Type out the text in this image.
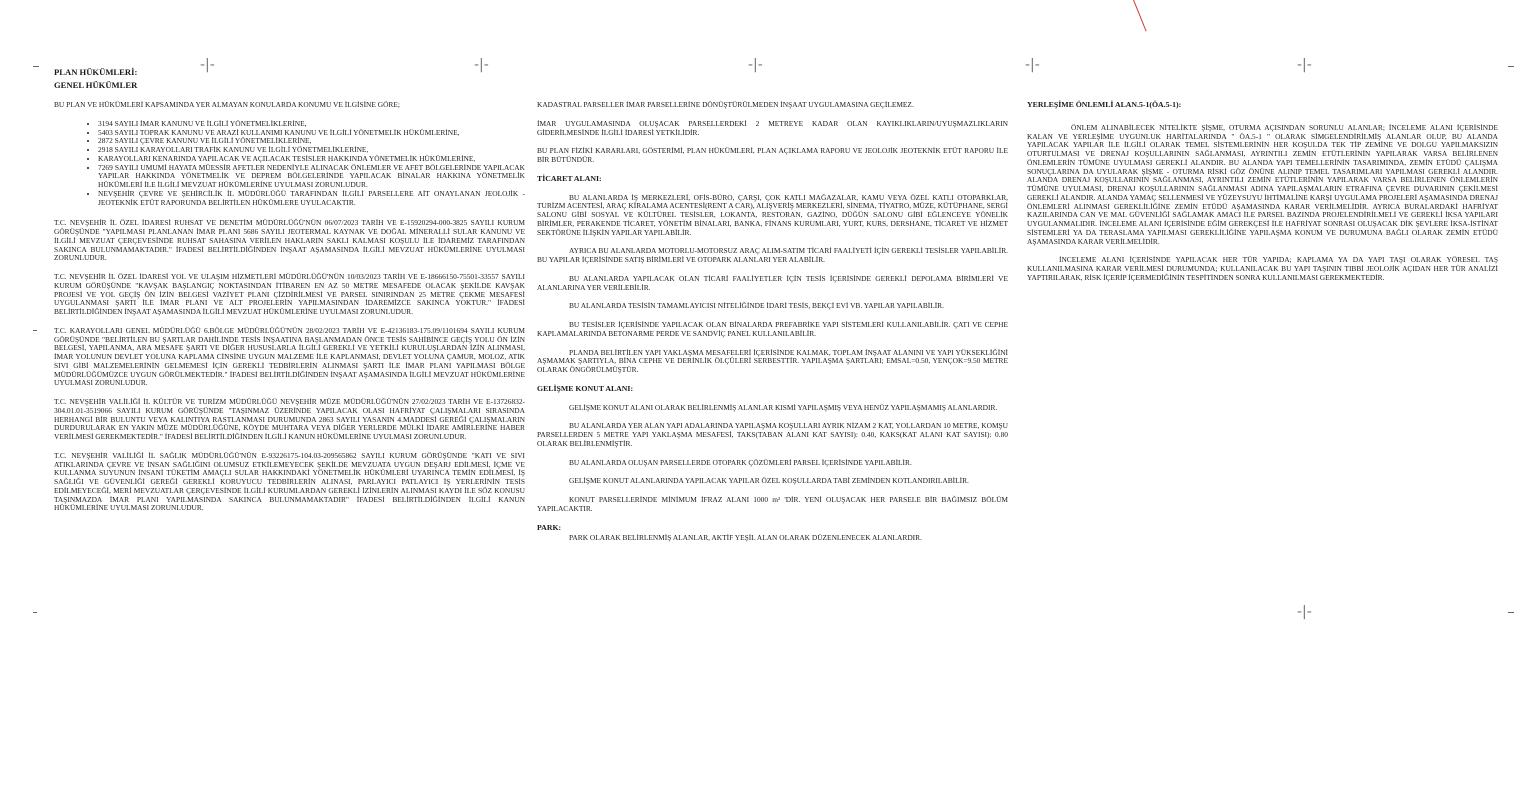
-|-	-|-	-|-	-|-	-|-
-|-
PLAN HÜKÜMLERİ:
GENEL HÜKÜMLER

BU PLAN VE HÜKÜMLERİ KAPSAMINDA YER ALMAYAN KONULARDA KONUMU VE İLGİSİNE GÖRE;

• 3194 SAYILI İMAR KANUNU VE İLGİLİ YÖNETMELİKLERİNE,
• 5403 SAYILI TOPRAK KANUNU VE ARAZİ KULLANIMI KANUNU VE İLGİLİ YÖNETMELİK HÜKÜMLERİNE,
• 2872 SAYILI ÇEVRE KANUNU VE İLGİLİ YÖNETMELİKLERİNE,
• 2918 SAYILI KARAYOLLARI TRAFİK KANUNU VE İLGİLİ YÖNETMELİKLERİNE,
• KARAYOLLARI KENARINDA YAPILACAK VE AÇILACAK TESİSLER HAKKINDA YÖNETMELİK HÜKÜMLERİNE,
• 7269 SAYILI UMUMİ HAYATA MÜESSİR AFETLER NEDENİYLE ALINACAK ÖNLEMLER VE AFET BÖLGELERİNDE YAPILACAK YAPILAR HAKKINDA YÖNETMELİK VE DEPREM BÖLGELERİNDE YAPILACAK BİNALAR HAKKINA YÖNETMELİK HÜKÜMLERİ İLE İLGİLİ MEVZUAT HÜKÜMLERİNE UYULMASI ZORUNLUDUR.
• NEVŞEHİR ÇEVRE VE ŞEHİRCİLİK İL MÜDÜRLÜĞÜ TARAFINDAN İLGİLİ PARSELLERE AİT ONAYLANAN JEOLOJİK - JEOTEKNİK ETÜT RAPORUNDA BELİRTİLEN HÜKÜMLERE UYULACAKTIR.

T.C. NEVŞEHİR İL ÖZEL İDARESİ RUHSAT VE DENETİM MÜDÜRLÜĞÜ'NÜN 06/07/2023 TARİH VE E-15920294-000-3825 SAYILI KURUM GÖRÜŞÜNDE "YAPILMASI PLANLANAN İMAR PLANI 5686 SAYILI JEOTERMAL KAYNAK VE DOĞAL MİNERALLİ SULAR KANUNU VE İLGİLİ MEVZUAT ÇERÇEVESİNDE RUHSAT SAHASINA VERİLEN HAKLARIN SAKLI KALMASI KOŞULU İLE İDAREMİZ TARAFINDAN SAKINCA BULUNMAMAKTADIR." İFADESİ BELİRTİLDİĞİNDEN İNŞAAT AŞAMASINDA İLGİLİ MEVZUAT HÜKÜMLERİNE UYULMASI ZORUNLUDUR.

T.C. NEVŞEHİR İL ÖZEL İDARESİ YOL VE ULAŞIM HİZMETLERİ MÜDÜRLÜĞÜ'NÜN 10/03/2023 TARİH VE E-18666150-75501-33557 SAYILI KURUM GÖRÜŞÜNDE "KAVŞAK BAŞLANGIÇ NOKTASINDAN İTİBAREN EN AZ 50 METRE MESAFEDE OLACAK ŞEKİLDE KAVŞAK PROJESİ VE YOL GEÇİŞ ÖN İZİN BELGESİ VAZİYET PLANI ÇİZDİRİLMESİ VE PARSEL SINIRINDAN 25 METRE ÇEKME MESAFESİ UYGULANMASI ŞARTI İLE İMAR PLANI VE ALT PROJELERİN YAPILMASINDAN İDAREMİZCE SAKINCA YOKTUR." İFADESİ BELİRTİLDİĞİNDEN İNŞAAT AŞAMASINDA İLGİLİ MEVZUAT HÜKÜMLERİNE UYULMASI ZORUNLUDUR.

T.C. KARAYOLLARI GENEL MÜDÜRLÜĞÜ 6.BÖLGE MÜDÜRLÜĞÜ'NÜN 28/02/2023 TARİH VE E-42136183-175.09/1101694 SAYILI KURUM GÖRÜŞÜNDE "BELİRTİLEN BU ŞARTLAR DAHİLİNDE TESİS İNŞAATINA BAŞLANMADAN ÖNCE TESİS SAHİBİNCE GEÇİŞ YOLU ÖN İZİN BELGESİ, YAPILANMA, ARA MESAFE ŞARTI VE DİĞER HUSUSLARLA İLGİLİ GEREKLİ VE YETKİLİ KURULUŞLARDAN İZİN ALINMASI, İMAR YOLUNUN DEVLET YOLUNA KAPLAMA CİNSİNE UYGUN MALZEME İLE KAPLANMASI, DEVLET YOLUNA ÇAMUR, MOLOZ, ATIK SIVI GİBİ MALZEMELERİNİN GELMEMESİ İÇİN GEREKLİ TEDBİRLERİN ALINMASI ŞARTI İLE İMAR PLANI YAPILMASI BÖLGE MÜDÜRLÜĞÜMÜZCE UYGUN GÖRÜLMEKTEDİR." İFADESİ BELİRTİLDİĞİNDEN İNŞAAT AŞAMASINDA İLGİLİ MEVZUAT HÜKÜMLERİNE UYULMASI ZORUNLUDUR.

T.C. NEVŞEHİR VALİLİĞİ İL KÜLTÜR VE TURİZM MÜDÜRLÜĞÜ NEVŞEHİR MÜZE MÜDÜRLÜĞÜ'NÜN 27/02/2023 TARİH VE E-13726832-304.01.01-3519066 SAYILI KURUM GÖRÜŞÜNDE "TAŞINMAZ ÜZERİNDE YAPILACAK OLASI HAFRİYAT ÇALIŞMALARI SIRASINDA HERHANGİ BİR BULUNTU VEYA KALINTIYA RASTLANMASI DURUMUNDA 2863 SAYILI YASANIN 4.MADDESİ GEREĞİ ÇALIŞMALARIN DURDURULARAK EN YAKIN MÜZE MÜDÜRLÜĞÜNE, KÖYDE MUHTARA VEYA DİĞER YERLERDE MÜLKİ İDARE AMİRLERİNE HABER VERİLMESİ GEREKMEKTEDİR." İFADESİ BELİRTİLDİĞİNDEN İLGİLİ KANUN HÜKÜMLERİNE UYULMASI ZORUNLUDUR.

T.C. NEVŞEHİR VALİLİĞİ İL SAĞLIK MÜDÜRLÜĞÜ'NÜN E-93226175-104.03-209565862 SAYILI KURUM GÖRÜŞÜNDE "KATI VE SIVI ATIKLARINDA ÇEVRE VE İNSAN SAĞLIĞINI OLUMSUZ ETKİLEMEYECEK ŞEKİLDE MEVZUATA UYGUN DEŞARJ EDİLMESİ, İÇME VE KULLANMA SUYUNUN İNSANİ TÜKETİM AMAÇLI SULAR HAKKINDAKİ YÖNETMELİK HÜKÜMLERİ UYARINCA TEMİN EDİLMESİ, İŞ SAĞLIĞI VE GÜVENLİĞİ GEREĞİ GEREKLİ KORUYUCU TEDBİRLERİN ALINASI, PARLAYICI PATLAYICI İŞ YERLERİNİN TESİS EDİLMEYECEĞİ, MERİ MEVZUATLAR ÇERÇEVESİNDE İLGİLİ KURUMLARDAN GEREKLİ İZİNLERİN ALINMASI KAYDI İLE SÖZ KONUSU TAŞINMAZDA İMAR PLANI YAPILMASINDA SAKINCA BULUNMAMAKTADIR" İFADESİ BELİRTİLDİĞİNDEN İLGİLİ KANUN HÜKÜMLERİNE UYULMASI ZORUNLUDUR.

KADASTRAL PARSELLER İMAR PARSELLERİNE DÖNÜŞTÜRÜLMEDEN İNŞAAT UYGULAMASINA GEÇİLEMEZ.

İMAR UYGULAMASINDA OLUŞACAK PARSELLERDEKİ 2 METREYE KADAR OLAN KAYIKLIKLARIN/UYUŞMAZLIKLARIN GİDERİLMESİNDE İLGİLİ İDARESİ YETKİLİDİR.

BU PLAN FİZİKİ KARARLARI, GÖSTERİMİ, PLAN HÜKÜMLERİ, PLAN AÇIKLAMA RAPORU VE JEOLOJİK JEOTEKNİK ETÜT RAPORU İLE BİR BÜTÜNDÜR.

TİCARET ALANI:

BU ALANLARDA İŞ MERKEZLERİ, OFİS-BÜRO, ÇARŞI, ÇOK KATLI MAĞAZALAR, KAMU VEYA ÖZEL KATLI OTOPARKLAR, TURİZM ACENTESİ, ARAÇ KİRALAMA ACENTESİ(RENT A CAR), ALIŞVERİŞ MERKEZLERİ, SİNEMA, TİYATRO, MÜZE, KÜTÜPHANE, SERGİ SALONU GİBİ SOSYAL VE KÜLTÜREL TESİSLER, LOKANTA, RESTORAN, GAZİNO, DÜĞÜN SALONU GİBİ EĞLENCEYE YÖNELİK BİRİMLER, PERAKENDE TİCARET, YÖNETİM BİNALARI, BANKA, FİNANS KURUMLARI, YURT, KURS, DERSHANE, TİCARET VE HİZMET SEKTÖRÜNE İLİŞKİN YAPILAR YAPILABİLİR.

AYRICA BU ALANLARDA MOTORLU-MOTORSUZ ARAÇ ALIM-SATIM TİCARİ FAALİYETİ İÇİN GEREKLİ TESİSLER YAPILABİLİR. BU YAPILAR İÇERİSİNDE SATIŞ BİRİMLERİ VE OTOPARK ALANLARI YER ALABİLİR.

BU ALANLARDA YAPILACAK OLAN TİCARİ FAALİYETLER İÇİN TESİS İÇERİSİNDE GEREKLİ DEPOLAMA BİRİMLERİ VE ALANLARINA YER VERİLEBİLİR.

BU ALANLARDA TESİSİN TAMAMLAYICISI NİTELİĞİNDE İDARİ TESİS, BEKÇİ EVİ VB. YAPILAR YAPILABİLİR.

BU TESİSLER İÇERİSİNDE YAPILACAK OLAN BİNALARDA PREFABRİKE YAPI SİSTEMLERİ KULLANILABİLİR. ÇATI VE CEPHE KAPLAMALARINDA BETONARME PERDE VE SANDVİÇ PANEL KULLANILABİLİR.

PLANDA BELİRTİLEN YAPI YAKLAŞMA MESAFELERİ İÇERİSİNDE KALMAK, TOPLAM İNŞAAT ALANINI VE YAPI YÜKSEKLİĞİNİ AŞMAMAK ŞARTIYLA, BİNA CEPHE VE DERİNLİK ÖLÇÜLERİ SERBESTTİR. YAPILAŞMA ŞARTLARI; EMSAL=0.50, YENÇOK=9.50 METRE OLARAK ÖNGÖRÜLMÜŞTÜR.

GELİŞME KONUT ALANI:

GELİŞME KONUT ALANI OLARAK BELİRLENMİŞ ALANLAR KISMİ YAPILAŞMIŞ VEYA HENÜZ YAPILAŞMAMIŞ ALANLARDIR.

BU ALANLARDA YER ALAN YAPI ADALARINDA YAPILAŞMA KOŞULLARI AYRIK NİZAM 2 KAT, YOLLARDAN 10 METRE, KOMŞU PARSELLERDEN 5 METRE YAPI YAKLAŞMA MESAFESİ, TAKS(TABAN ALANI KAT SAYISI): 0.40, KAKS(KAT ALANI KAT SAYISI): 0.80 OLARAK BELİRLENMİŞTİR.

BU ALANLARDA OLUŞAN PARSELLERDE OTOPARK ÇÖZÜMLERİ PARSEL İÇERİSİNDE YAPILABİLİR.

GELİŞME KONUT ALANLARINDA YAPILACAK YAPILAR ÖZEL KOŞULLARDA TABİ ZEMİNDEN KOTLANDIRILABİLİR.

KONUT PARSELLERİNDE MİNİMUM İFRAZ ALANI 1000 m² 'DİR. YENİ OLUŞACAK HER PARSELE BİR BAĞIMSIZ BÖLÜM YAPILACAKTIR.

PARK:

PARK OLARAK BELİRLENMİŞ ALANLAR, AKTİF YEŞİL ALAN OLARAK DÜZENLENECEK ALANLARDIR.

YERLEŞİME ÖNLEMLİ ALAN.5-1(ÖA.5-1):

ÖNLEM ALINABİLECEK NİTELİKTE ŞİŞME, OTURMA AÇISINDAN SORUNLU ALANLAR; İNCELEME ALANI İÇERİSİNDE KALAN VE YERLEŞİME UYGUNLUK HARİTALARINDA " ÖA.5-1 " OLARAK SİMGELENDİRİLMİŞ ALANLAR OLUP, BU ALANDA YAPILACAK YAPILAR İLE İLGİLİ OLARAK TEMEL SİSTEMLERİNİN HER KOŞULDA TEK TİP ZEMİNE VE DOLGU YAPILMAKSIZIN OTURTULMASI VE DRENAJ KOŞULLARININ SAĞLANMASI, AYRINTILI ZEMİN ETÜTLERİNİN YAPILARAK VARSA BELİRLENEN ÖNLEMLERİN TÜMÜNE UYULMASI GEREKLİ ALANDIR. BU ALANDA YAPI TEMELLERİNİN TASARIMINDA, ZEMİN ETÜDÜ ÇALIŞMA SONUÇLARINA DA UYULARAK ŞİŞME - OTURMA RİSKİ GÖZ ÖNÜNE ALINIP TEMEL TASARIMLARI YAPILMASI GEREKLİ ALANDIR. ALANDA DRENAJ KOŞULLARININ SAĞLANMASI, AYRINTILI ZEMİN ETÜTLERİNİN YAPILARAK VARSA BELİRLENEN ÖNLEMLERİN TÜMÜNE UYULMASI, DRENAJ KOŞULLARININ SAĞLANMASI ADINA YAPILAŞMALARIN ETRAFINA ÇEVRE DUVARININ ÇEKİLMESİ GEREKLİ ALANDIR. ALANDA YAMAÇ SELLENMESİ VE YÜZEYSUYU İHTİMALİNE KARŞI UYGULAMA PROJELERİ AŞAMASINDA DRENAJ ÖNLEMLERİ ALINMASI GEREKLİLİĞİNE ZEMİN ETÜDÜ AŞAMASINDA KARAR VERİLMELİDİR. AYRICA BURALARDAKİ HAFRİYAT KAZILARINDA CAN VE MAL GÜVENLİĞİ SAĞLAMAK AMACI İLE PARSEL BAZINDA PROJELENDİRİLMELİ VE GEREKLİ İKSA YAPILARI UYGULANMALIDIR. İNCELEME ALANI İÇERİSİNDE EĞİM GEREKÇESİ İLE HAFRİYAT SONRASI OLUŞACAK DİK ŞEVLERE İKSA-İSTİNAT SİSTEMLERİ YA DA TERASLAMA YAPILMASI GEREKLİLİĞİNE YAPILAŞMA KONUM VE DURUMUNA BAĞLI OLARAK ZEMİN ETÜDÜ AŞAMASINDA KARAR VERİLMELİDİR.

İNCELEME ALANI İÇERİSİNDE YAPILACAK HER TÜR YAPIDA; KAPLAMA YA DA YAPI TAŞI OLARAK YÖRESEL TAŞ KULLANILMASINA KARAR VERİLMESİ DURUMUNDA; KULLANILACAK BU YAPI TAŞININ TIBBİ JEOLOJİK AÇIDAN HER TÜR ANALİZİ YAPTIRILARAK, RİSK İÇERİP İÇERMEDİĞİNİN TESPİTİNDEN SONRA KULLANILMASI GEREKMEKTEDİR.
